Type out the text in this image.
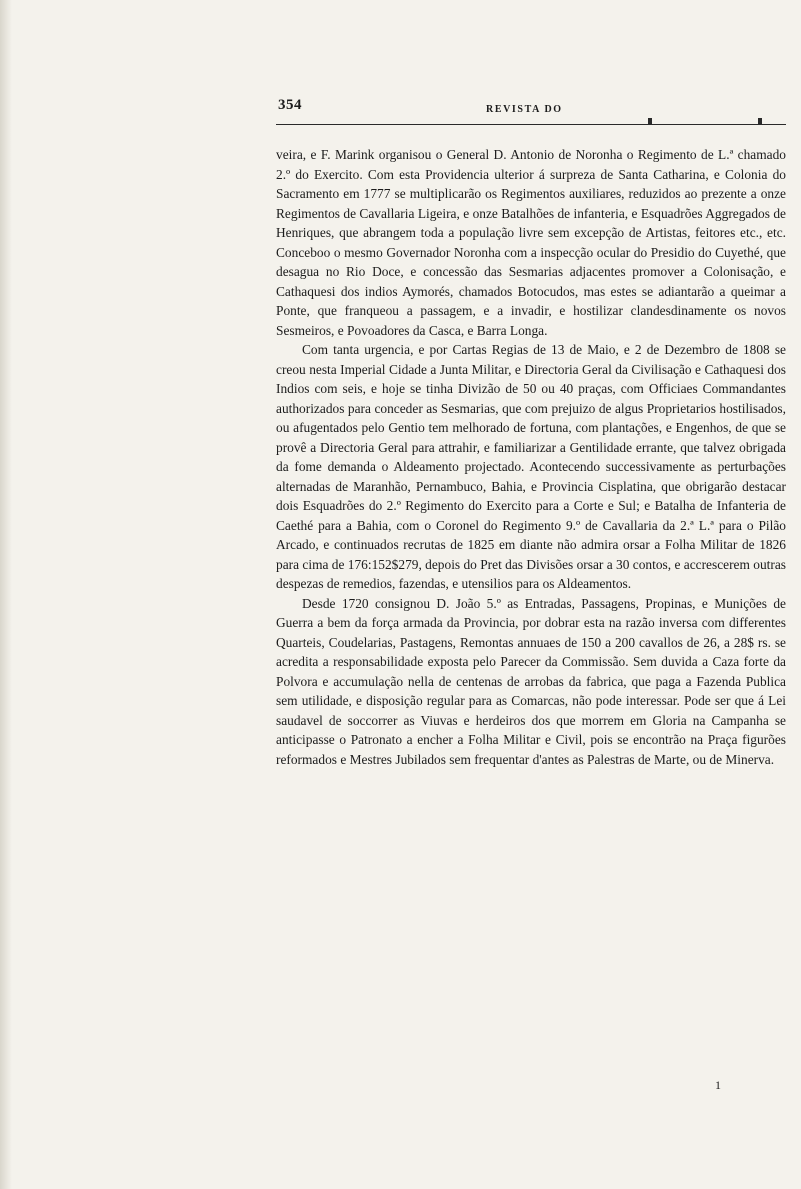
354	REVISTA DO

veira, e F. Marink organisou o General D. Antonio de Noronha o Regimento de L.ª chamado 2.º do Exercito. Com esta Providencia ulterior á surpreza de Santa Catharina, e Colonia do Sacramento em 1777 se multiplicarão os Regimentos auxiliares, reduzidos ao prezente a onze Regimentos de Cavallaria Ligeira, e onze Batalhões de infanteria, e Esquadrões Aggregados de Henriques, que abrangem toda a população livre sem excepção de Artistas, feitores etc., etc. Conceboo o mesmo Governador Noronha com a inspecção ocular do Presidio do Cuyethé, que desagua no Rio Doce, e concessão das Sesmarias adjacentes promover a Colonisação, e Cathaquesi dos indios Aymorés, chamados Botocudos, mas estes se adiantarão a queimar a Ponte, que franqueou a passagem, e a invadir, e hostilizar clandesdinamente os novos Sesmeiros, e Povoadores da Casca, e Barra Longa.

Com tanta urgencia, e por Cartas Regias de 13 de Maio, e 2 de Dezembro de 1808 se creou nesta Imperial Cidade a Junta Militar, e Directoria Geral da Civilisação e Cathaquesi dos Indios com seis, e hoje se tinha Divizão de 50 ou 40 praças, com Officiaes Commandantes authorizados para conceder as Sesmarias, que com prejuizo de algus Proprietarios hostilisados, ou afugentados pelo Gentio tem melhorado de fortuna, com plantações, e Engenhos, de que se provê a Directoria Geral para attrahir, e familiarizar a Gentilidade errante, que talvez obrigada da fome demanda o Aldeamento projectado. Acontecendo successivamente as perturbações alternadas de Maranhão, Pernambuco, Bahia, e Provincia Cisplatina, que obrigarão destacar dois Esquadrões do 2.º Regimento do Exercito para a Corte e Sul; e Batalha de Infanteria de Caethé para a Bahia, com o Coronel do Regimento 9.º de Cavallaria da 2.ª L.ª para o Pilão Arcado, e continuados recrutas de 1825 em diante não admira orsar a Folha Militar de 1826 para cima de 176:152$279, depois do Pret das Divisões orsar a 30 contos, e accrescerem outras despezas de remedios, fazendas, e utensilios para os Aldeamentos.

Desde 1720 consignou D. João 5.º as Entradas, Passagens, Propinas, e Munições de Guerra a bem da força armada da Provincia, por dobrar esta na razão inversa com differentes Quarteis, Coudelarias, Pastagens, Remontas annuaes de 150 a 200 cavallos de 26, a 28$ rs. se acredita a responsabilidade exposta pelo Parecer da Commissão. Sem duvida a Caza forte da Polvora e accumulação nella de centenas de arrobas da fabrica, que paga a Fazenda Publica sem utilidade, e disposição regular para as Comarcas, não pode interessar. Pode ser que á Lei saudavel de soccorrer as Viuvas e herdeiros dos que morrem em Gloria na Campanha se anticipasse o Patronato a encher a Folha Militar e Civil, pois se encontrão na Praça figurões reformados e Mestres Jubilados sem frequentar d'antes as Palestras de Marte, ou de Minerva.

1
